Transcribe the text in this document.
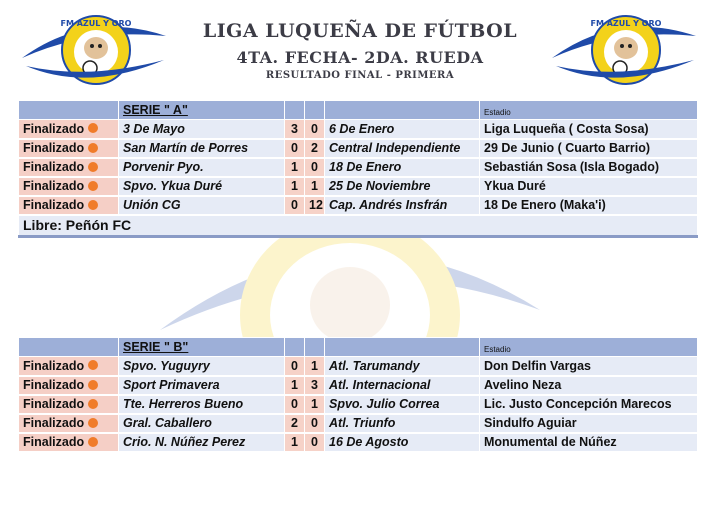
FM AZUL Y ORO	FM AZUL Y ORO
LIGA LUQUEÑA DE FÚTBOL
4TA. FECHA- 2DA. RUEDA
RESULTADO FINAL - PRIMERA
	SERIE " A"				Estadio
Finalizado	3 De Mayo	3	0	6 De Enero	Liga Luqueña ( Costa Sosa)
Finalizado	San Martín de Porres	0	2	Central Independiente	29 De Junio ( Cuarto Barrio)
Finalizado	Porvenir Pyo.	1	0	18 De Enero	Sebastián Sosa (Isla Bogado)
Finalizado	Spvo. Ykua Duré	1	1	25 De Noviembre	Ykua Duré
Finalizado	Unión CG	0	12	Cap. Andrés Insfrán	18 De Enero (Maka'i)
Libre: Peñón FC					
	SERIE " B"				Estadio
Finalizado	Spvo. Yuguyry	0	1	Atl. Tarumandy	Don Delfin Vargas
Finalizado	Sport Primavera	1	3	Atl. Internacional	Avelino Neza
Finalizado	Tte. Herreros Bueno	0	1	Spvo. Julio Correa	Lic. Justo Concepción Marecos
Finalizado	Gral. Caballero	2	0	Atl. Triunfo	Sindulfo Aguiar
Finalizado	Crio. N. Núñez Perez	1	0	16 De Agosto	Monumental de Núñez
